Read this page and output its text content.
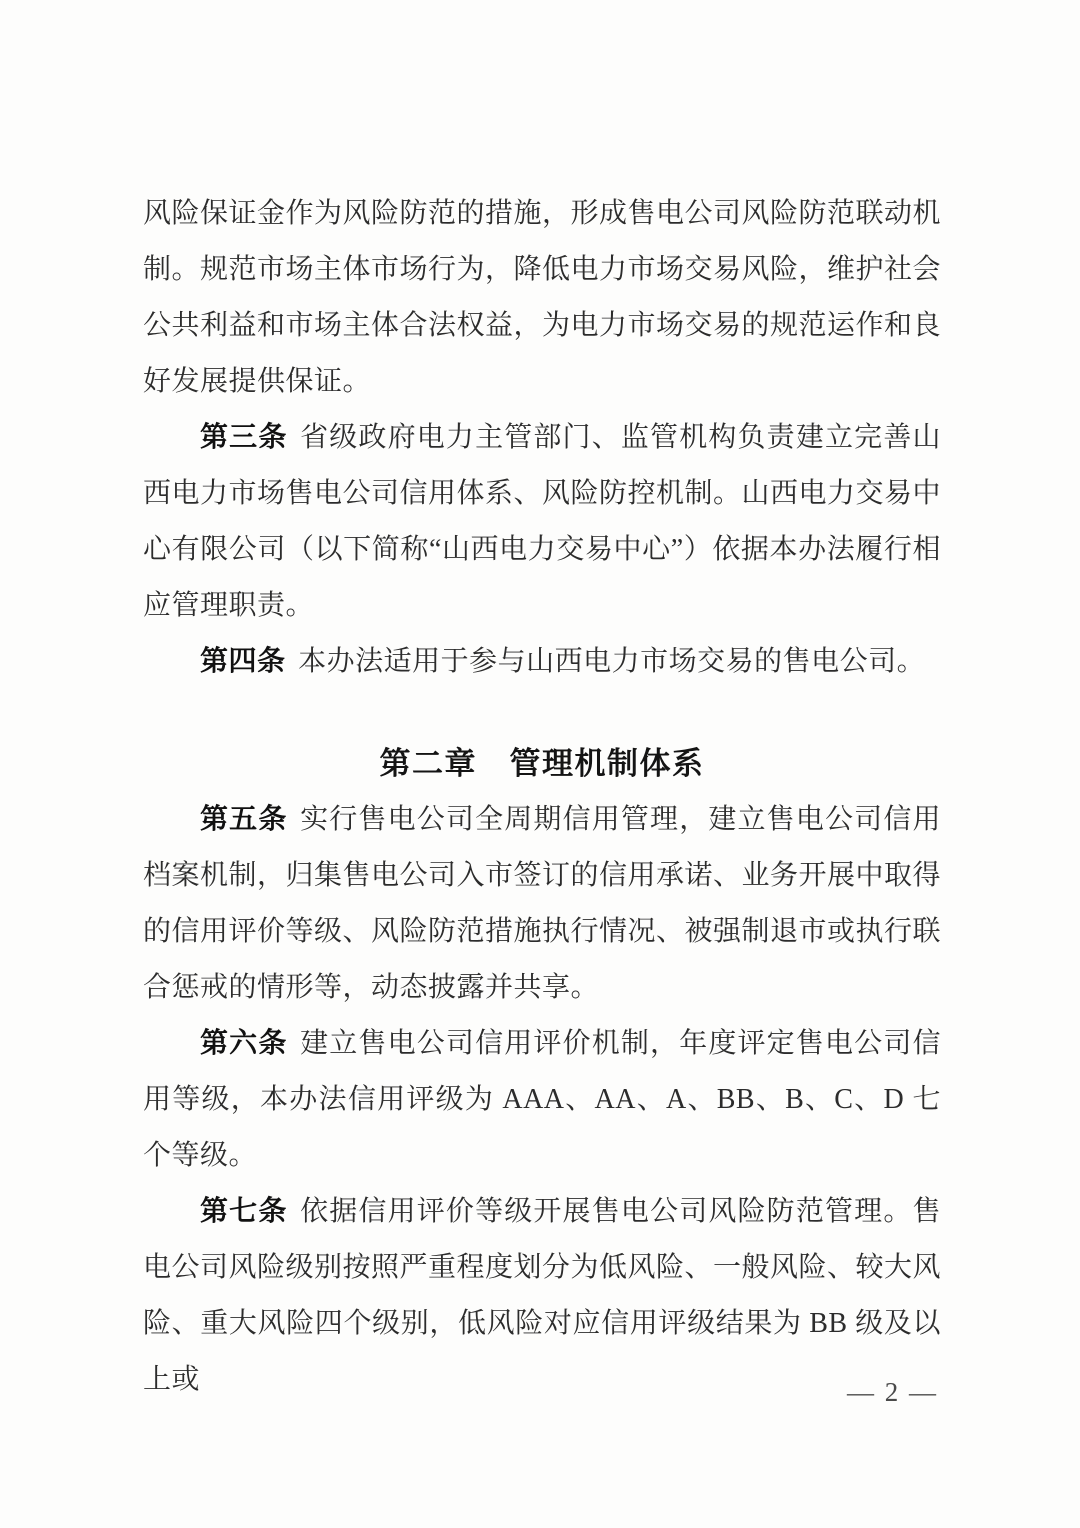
风险保证金作为风险防范的措施，形成售电公司风险防范联动机制。规范市场主体市场行为，降低电力市场交易风险，维护社会公共利益和市场主体合法权益，为电力市场交易的规范运作和良好发展提供保证。

第三条 省级政府电力主管部门、监管机构负责建立完善山西电力市场售电公司信用体系、风险防控机制。山西电力交易中心有限公司（以下简称“山西电力交易中心”）依据本办法履行相应管理职责。

第四条 本办法适用于参与山西电力市场交易的售电公司。

第二章　管理机制体系

第五条 实行售电公司全周期信用管理，建立售电公司信用档案机制，归集售电公司入市签订的信用承诺、业务开展中取得的信用评价等级、风险防范措施执行情况、被强制退市或执行联合惩戒的情形等，动态披露并共享。

第六条 建立售电公司信用评价机制，年度评定售电公司信用等级，本办法信用评级为 AAA、AA、A、BB、B、C、D 七个等级。

第七条 依据信用评价等级开展售电公司风险防范管理。售电公司风险级别按照严重程度划分为低风险、一般风险、较大风险、重大风险四个级别，低风险对应信用评级结果为 BB 级及以上或	— 2 —
